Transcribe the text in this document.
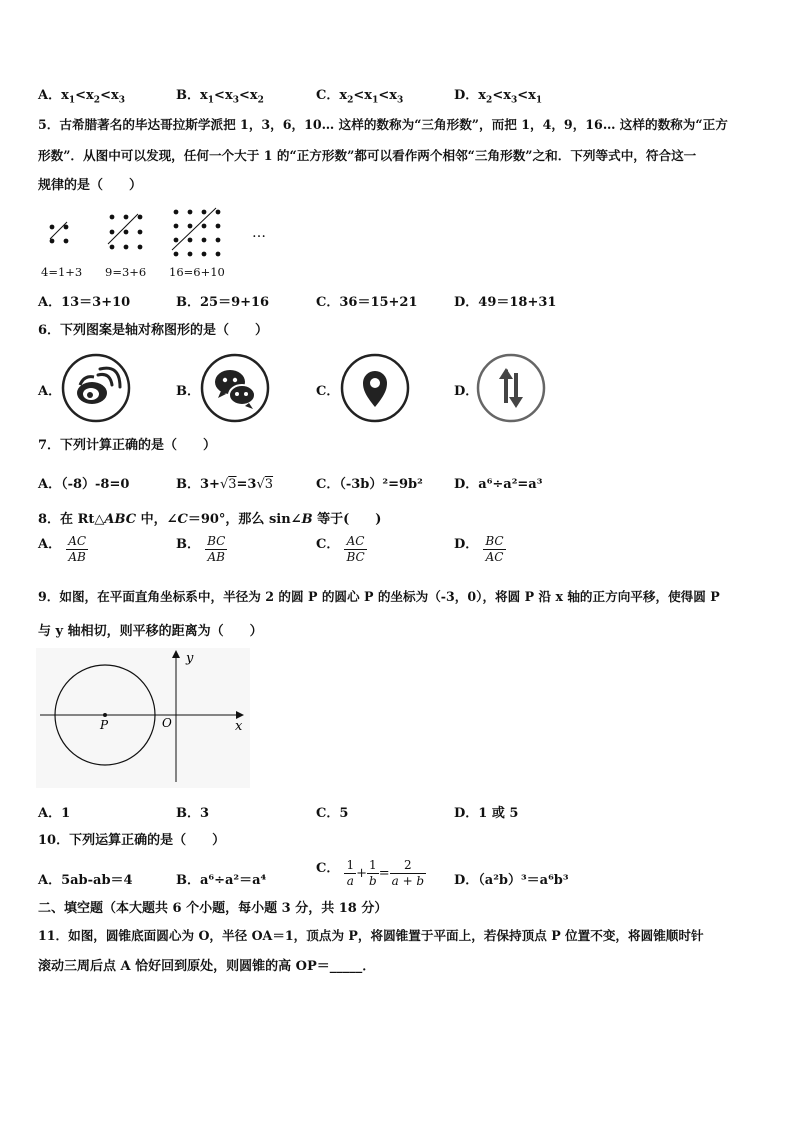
A．$x_1<x_2<x_3$	B．$x_1<x_3<x_2$	C．$x_2<x_1<x_3$	D．$x_2<x_3<x_1$
5．古希腊著名的毕达哥拉斯学派把 1，3，6，10… 这样的数称为“三角形数”，而把 1，4，9，16… 这样的数称为“正方
形数”．从图中可以发现，任何一个大于 1 的“正方形数”都可以看作两个相邻“三角形数”之和．下列等式中，符合这一
规律的是（　　）
…
4=1+3 9=3+6 16=6+10
A．13＝3+10	B．25＝9+16	C．36＝15+21	D．49＝18+31
6．下列图案是轴对称图形的是（　　）
A．	B．	C．	D．
7．下列计算正确的是（　　）
A．（-8）-8=0	B．3+√3=3√3	C．（-3b）²=9b² D．a⁶÷a²=a³
8．在 Rt△ABC 中，∠C＝90°，那么 sin∠B 等于(　　)
$^{A.} \frac{AC}{AB}$	$^{B.} \frac{BC}{AB}$	$^{C.} \frac{AC}{BC}$	$^{D.} \frac{BC}{AC}$
9．如图，在平面直角坐标系中，半径为 2 的圆 P 的圆心 P 的坐标为（-3，0），将圆 P 沿 x 轴的正方向平移，使得圆 P
与 y 轴相切，则平移的距离为（　　）
y
x
O
P
A．1	B．3	C．5	D．1 或 5
10．下列运算正确的是（　　）
A．5ab-ab＝4	B．a⁶÷a²＝a⁴
$^{C.} \frac{1}{a} + \frac{1}{b} = \frac{2}{a + b}$ D．（a²b）³＝a⁶b³
二、填空题（本大题共 6 个小题，每小题 3 分，共 18 分）
11．如图，圆锥底面圆心为 O，半径 OA＝1，顶点为 P，将圆锥置于平面上，若保持顶点 P 位置不变，将圆锥顺时针
滚动三周后点 A 恰好回到原处，则圆锥的高 OP＝_____．
